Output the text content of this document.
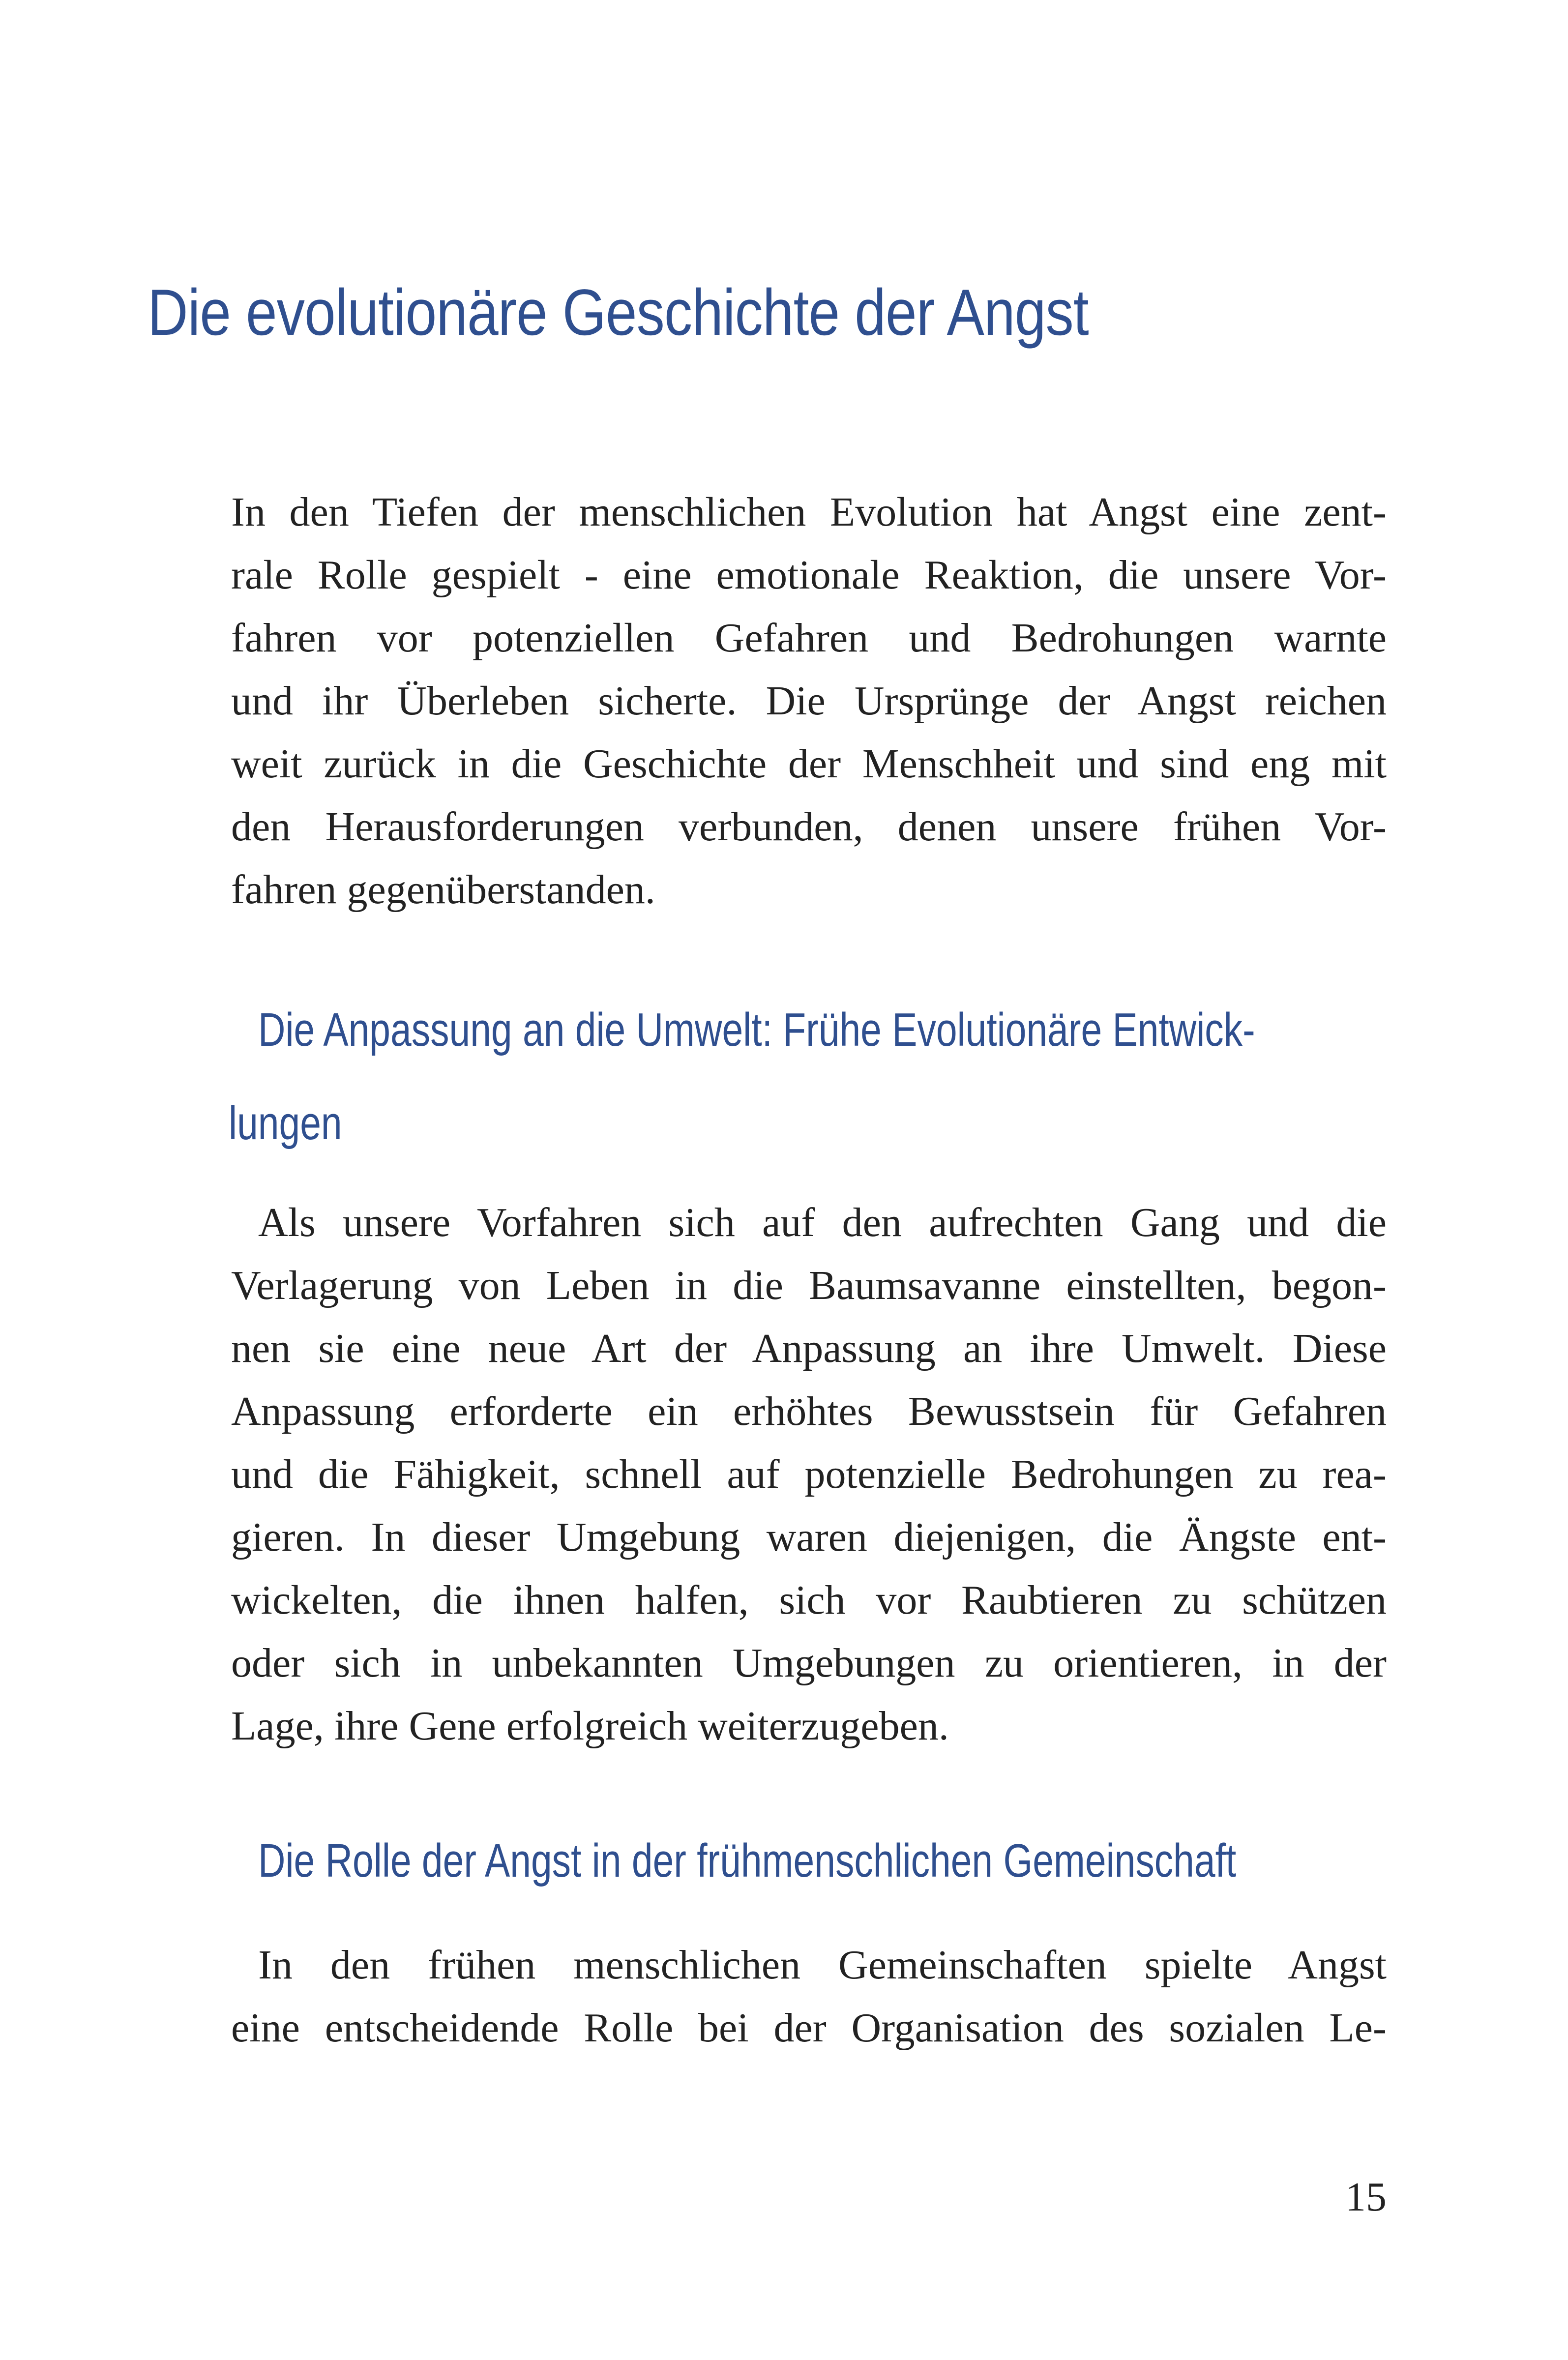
Die evolutionäre Geschichte der Angst

In den Tiefen der menschlichen Evolution hat Angst eine zent-

rale Rolle gespielt - eine emotionale Reaktion, die unsere Vor-

fahren vor potenziellen Gefahren und Bedrohungen warnte

und ihr Überleben sicherte. Die Ursprünge der Angst reichen

weit zurück in die Geschichte der Menschheit und sind eng mit

den Herausforderungen verbunden, denen unsere frühen Vor-

fahren gegenüberstanden.

Die Anpassung an die Umwelt: Frühe Evolutionäre Entwick-
lungen

Als unsere Vorfahren sich auf den aufrechten Gang und die

Verlagerung von Leben in die Baumsavanne einstellten, begon-

nen sie eine neue Art der Anpassung an ihre Umwelt. Diese

Anpassung erforderte ein erhöhtes Bewusstsein für Gefahren

und die Fähigkeit, schnell auf potenzielle Bedrohungen zu rea-

gieren. In dieser Umgebung waren diejenigen, die Ängste ent-

wickelten, die ihnen halfen, sich vor Raubtieren zu schützen

oder sich in unbekannten Umgebungen zu orientieren, in der

Lage, ihre Gene erfolgreich weiterzugeben.

Die Rolle der Angst in der frühmenschlichen Gemeinschaft

In den frühen menschlichen Gemeinschaften spielte Angst

eine entscheidende Rolle bei der Organisation des sozialen Le-

15
